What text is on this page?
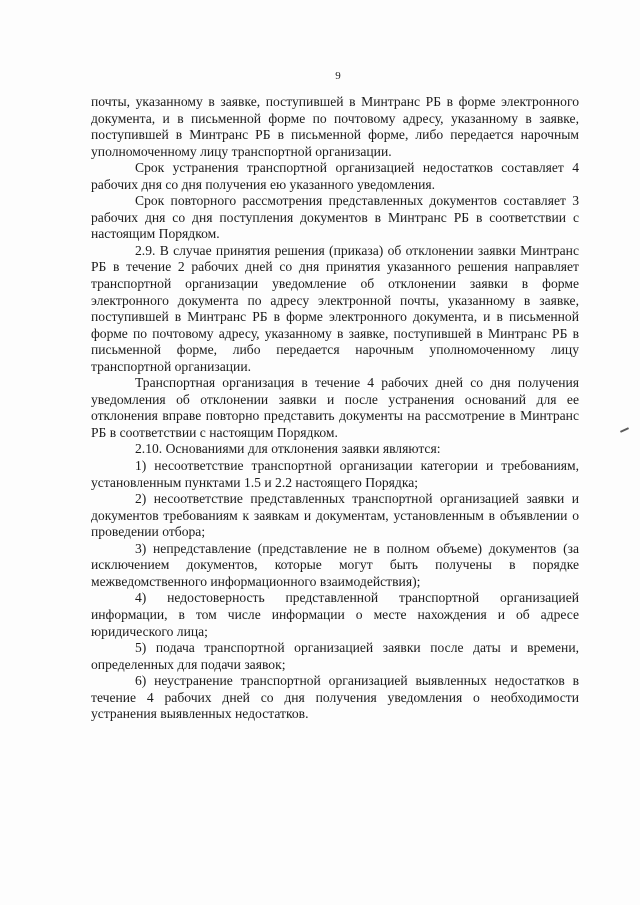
9

почты, указанному в заявке, поступившей в Минтранс РБ в форме электронного документа, и в письменной форме по почтовому адресу, указанному в заявке, поступившей в Минтранс РБ в письменной форме, либо передается нарочным уполномоченному лицу транспортной организации.

Срок устранения транспортной организацией недостатков составляет 4 рабочих дня со дня получения ею указанного уведомления.

Срок повторного рассмотрения представленных документов составляет 3 рабочих дня со дня поступления документов в Минтранс РБ в соответствии с настоящим Порядком.

2.9. В случае принятия решения (приказа) об отклонении заявки Минтранс РБ в течение 2 рабочих дней со дня принятия указанного решения направляет транспортной организации уведомление об отклонении заявки в форме электронного документа по адресу электронной почты, указанному в заявке, поступившей в Минтранс РБ в форме электронного документа, и в письменной форме по почтовому адресу, указанному в заявке, поступившей в Минтранс РБ в письменной форме, либо передается нарочным уполномоченному лицу транспортной организации.

Транспортная организация в течение 4 рабочих дней со дня получения уведомления об отклонении заявки и после устранения оснований для ее отклонения вправе повторно представить документы на рассмотрение в Минтранс РБ в соответствии с настоящим Порядком.

2.10. Основаниями для отклонения заявки являются:

1) несоответствие транспортной организации категории и требованиям, установленным пунктами 1.5 и 2.2 настоящего Порядка;

2) несоответствие представленных транспортной организацией заявки и документов требованиям к заявкам и документам, установленным в объявлении о проведении отбора;

3) непредставление (представление не в полном объеме) документов (за исключением документов, которые могут быть получены в порядке межведомственного информационного взаимодействия);

4) недостоверность представленной транспортной организацией информации, в том числе информации о месте нахождения и об адресе юридического лица;

5) подача транспортной организацией заявки после даты и времени, определенных для подачи заявок;

6) неустранение транспортной организацией выявленных недостатков в течение 4 рабочих дней со дня получения уведомления о необходимости устранения выявленных недостатков.
